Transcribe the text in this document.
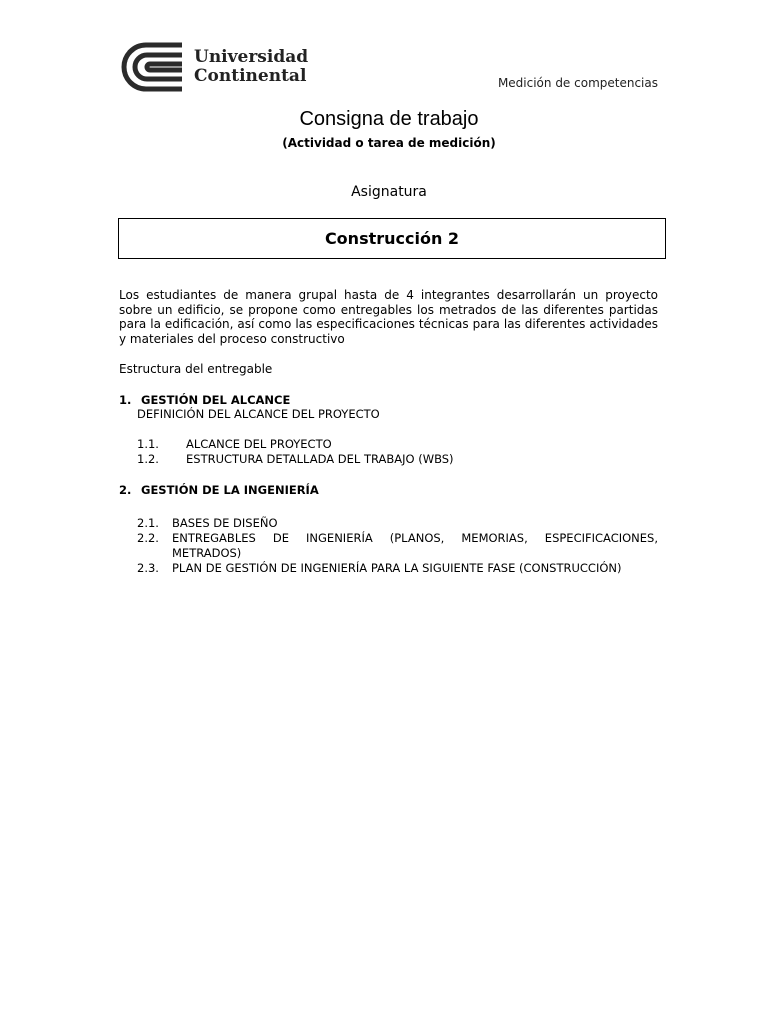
Universidad
Continental	Medición de competencias
Consigna de trabajo
(Actividad o tarea de medición)
Asignatura
Construcción 2
Los estudiantes de manera grupal hasta de 4 integrantes desarrollarán un proyecto sobre un edificio, se propone como entregables los metrados de las diferentes partidas para la edificación, así como las especificaciones técnicas para las diferentes actividades y materiales del proceso constructivo
Estructura del entregable
1. GESTIÓN DEL ALCANCE
DEFINICIÓN DEL ALCANCE DEL PROYECTO
1.1. ALCANCE DEL PROYECTO
1.2. ESTRUCTURA DETALLADA DEL TRABAJO (WBS)
2. GESTIÓN DE LA INGENIERÍA
2.1. BASES DE DISEÑO
2.2.	ENTREGABLES DE INGENIERÍA (PLANOS, MEMORIAS, ESPECIFICACIONES,
METRADOS)
2.3. PLAN DE GESTIÓN DE INGENIERÍA PARA LA SIGUIENTE FASE (CONSTRUCCIÓN)
